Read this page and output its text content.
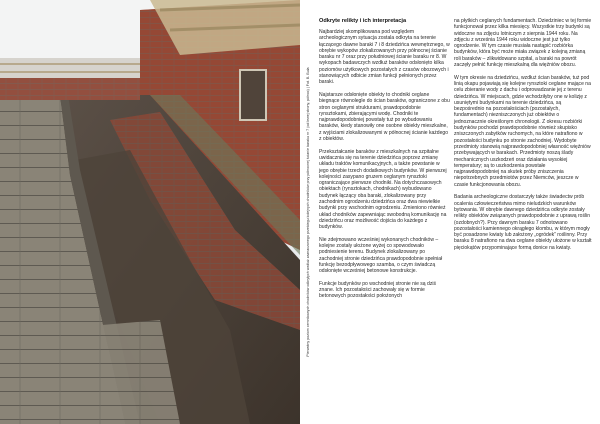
Pierwotny poziom cemnikowych chodników odkrytych wzdłuż zaznaczonego przebiegu kolejnych chodników przy północnej ścianie baraku nr 7 (od lewej strony, północ) | Fot. B. Bula
Odkryte reliktу i ich interpretacja

Najbardziej skomplikowana pod względem archeologicznym sytuacja zostala odkryta na terenie łączącego dawne baraki 7 i 8 dziedzińca wewnętrznego, w obrębie wykopów zlokalizowanych przy północnej ścianie baraku nr 7 oraz przy południowej ścianie baraku nr 8. W wykopach badawczych wzdłuż baraków odsłonięto kilka poziomów użytkowych pozostałych z czasów obozowych i stanowiących odbicie zmian funkcji pełnionych przez baraki.

Najstarsze odsłonięte obiekty to chodniki ceglane biegnące równolegle do ścian baraków, ograniczone z obu stron ceglanymi strukturami, prawdopodobnie rynsztokami, zbierającymi wodę. Chodniki te najprawdopodobniej powstały tuż po wybudowaniu baraków, kiedy stanowiły one osobne obiekty mieszkalne, z wyjściami zlokalizowanymi w północnej ścianie każdego z obiektów.

Przekształcanie baraków z mieszkalnych na szpitalne uwidacznia się na terenie dziedzińca poprzez zmianę układu traktów komunikacyjnych, a także powstanie w jego obrębie trzech dodatkowych budynków. W pierwszej kolejności zasypano gruzem ceglanym rynsztoki ograniczające pierwsze chodniki. Na dotychczasowych obiektach (rynsztokach, chodnikach) wybudowano budynek łączący oba baraki, zlokalizowany przy zachodnim ogrodzeniu dziedzińca oraz dwa niewielkie budynki przy wschodnim ogrodzeniu. Zmieniono również układ chodników zapewniając swobodną komunikację na dziedzińcu oraz możliwość dojścia do każdego z budynków.

Nie zdejmowano wcześniej wykonanych chodników – kolejne zostały ułożone wyżej co spowodowało podniesienie terenu. Budynek zlokalizowany po zachodniej stronie dziedzińca prawdopodobnie spełniał funkcję bezodpływowego szamba, o czym świadczą odsłonięte wcześniej betonowe konstrukcje.

Funkcje budynków po wschodniej stronie nie są dziś znane. Ich pozostałości zachowały się w formie betonowych pozostałości położonych

na płytkich ceglanych fundamentach. Dziedziniec w tej formie funkcjonował przez kilka miesięcy. Wszystkie trzy budynki są widoczne na zdjęciu lotniczym z sierpnia 1944 roku. Na zdjęciu z września 1944 roku widoczne jest już tylko ogrodzenie. W tym czasie musiała nastąpić rozbiórka budynków, która być może miała związek z kolejną zmianą roli baraków – zlikwidowano szpital, a baraki na powrót zaczęły pełnić funkcję mieszkalną dla więźniów obozu.

W tym okresie na dziedzińcu, wzdłuż ścian baraków, tuż pod linią okapu pojawiają się kolejne rynsztoki ceglane mające na celu zbieranie wody z dachu i odprowadzanie jej z terenu dziedzińca. W miejscach, gdzie wchodziłyby one w kolizję z usuniętymi budynkami na terenie dziedzińca, są bezpośrednio na pozostałościach (pozostałych, fundamentach) niezniszczonych już obiektów o jednoznacznie określonym chronologii. Z okresu rozbiórki budynków pochodzi prawdopodobnie również skupisko zniszczonych zabytków ruchomych, na które natrafiono w pozostałości budynku po stronie zachodniej. Wydobyte przedmioty stanowią najprawdopodobniej własność więźniów przebywających w barakach. Przedmioty noszą ślady mechanicznych uszkodzeń oraz działania wysokiej temperatury; są to uszkodzenia powstałe najprawdopodobniej na skutek próby zniszczenia niepotrzebnych przedmiotów przez Niemców, jeszcze w czasie funkcjonowania obozu.

Badania archeologiczne dostarczyły także świadectw prób ocalenia człowieczeństwa mimo nieludzkich warunków bytowania. W obrębie dawnego dziedzińca odkryte zostały relikty obiektów związanych prawdopodobnie z uprawą roślin (ozdobnych?). Przy dawnym baraku 7 odnotowano pozostałości kamiennego okrągłego klombu, w którym mogły być posadzone kwiaty lub założony „ogródek” roślinny. Przy baraku 8 natrafiono na dwa ceglane obiekty ułożone w kształt pięciokątów przypominające formą donice na kwiaty.
